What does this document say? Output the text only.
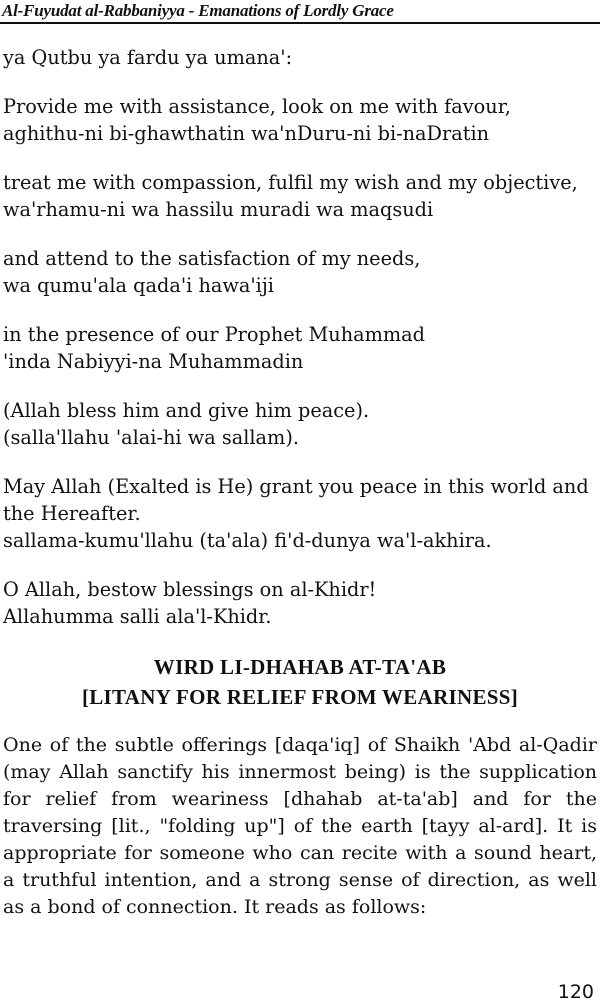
Al-Fuyudat al-Rabbaniyya - Emanations of Lordly Grace

ya Qutbu ya fardu ya umana':

Provide me with assistance, look on me with favour,
aghithu-ni bi-ghawthatin wa'nDuru-ni bi-naDratin

treat me with compassion, fulfil my wish and my objective,
wa'rhamu-ni wa hassilu muradi wa maqsudi

and attend to the satisfaction of my needs,
wa qumu'ala qada'i hawa'iji

in the presence of our Prophet Muhammad
'inda Nabiyyi-na Muhammadin

(Allah bless him and give him peace).
(salla'llahu 'alai-hi wa sallam).

May Allah (Exalted is He) grant you peace in this world and
the Hereafter.
sallama-kumu'llahu (ta'ala) fi'd-dunya wa'l-akhira.

O Allah, bestow blessings on al-Khidr!
Allahumma salli ala'l-Khidr.

WIRD LI-DHAHAB AT-TA'AB
[LITANY FOR RELIEF FROM WEARINESS]

One of the subtle offerings [daqa'iq] of Shaikh 'Abd al-Qadir (may Allah sanctify his innermost being) is the supplication for relief from weariness [dhahab at-ta'ab] and for the traversing [lit., "folding up"] of the earth [tayy al-ard]. It is appropriate for someone who can recite with a sound heart, a truthful intention, and a strong sense of direction, as well as a bond of connection. It reads as follows:

120
